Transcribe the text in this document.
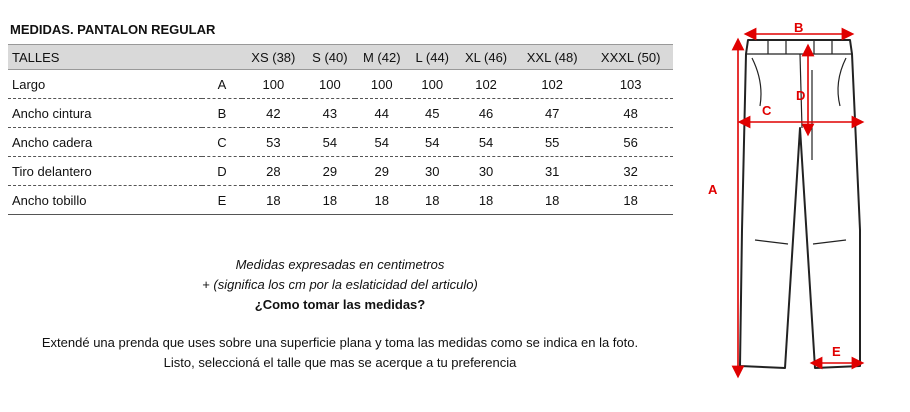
MEDIDAS. PANTALON REGULAR
TALLES		XS (38)	S (40)	M (42)	L (44)	XL (46)	XXL (48)	XXXL (50)
Largo	A	100	100	100	100	102	102	103
Ancho cintura	B	42	43	44	45	46	47	48
Ancho cadera	C	53	54	54	54	54	55	56
Tiro delantero	D	28	29	29	30	30	31	32
Ancho tobillo	E	18	18	18	18	18	18	18
Medidas expresadas en centimetros
+ (significa los cm por la eslaticidad del articulo)
¿Como tomar las medidas?
Extendé una prenda que uses sobre una superficie plana y toma las medidas como se indica en la foto.
Listo, seleccioná el talle que mas se acerque a tu preferencia
B
C
D
A
E
